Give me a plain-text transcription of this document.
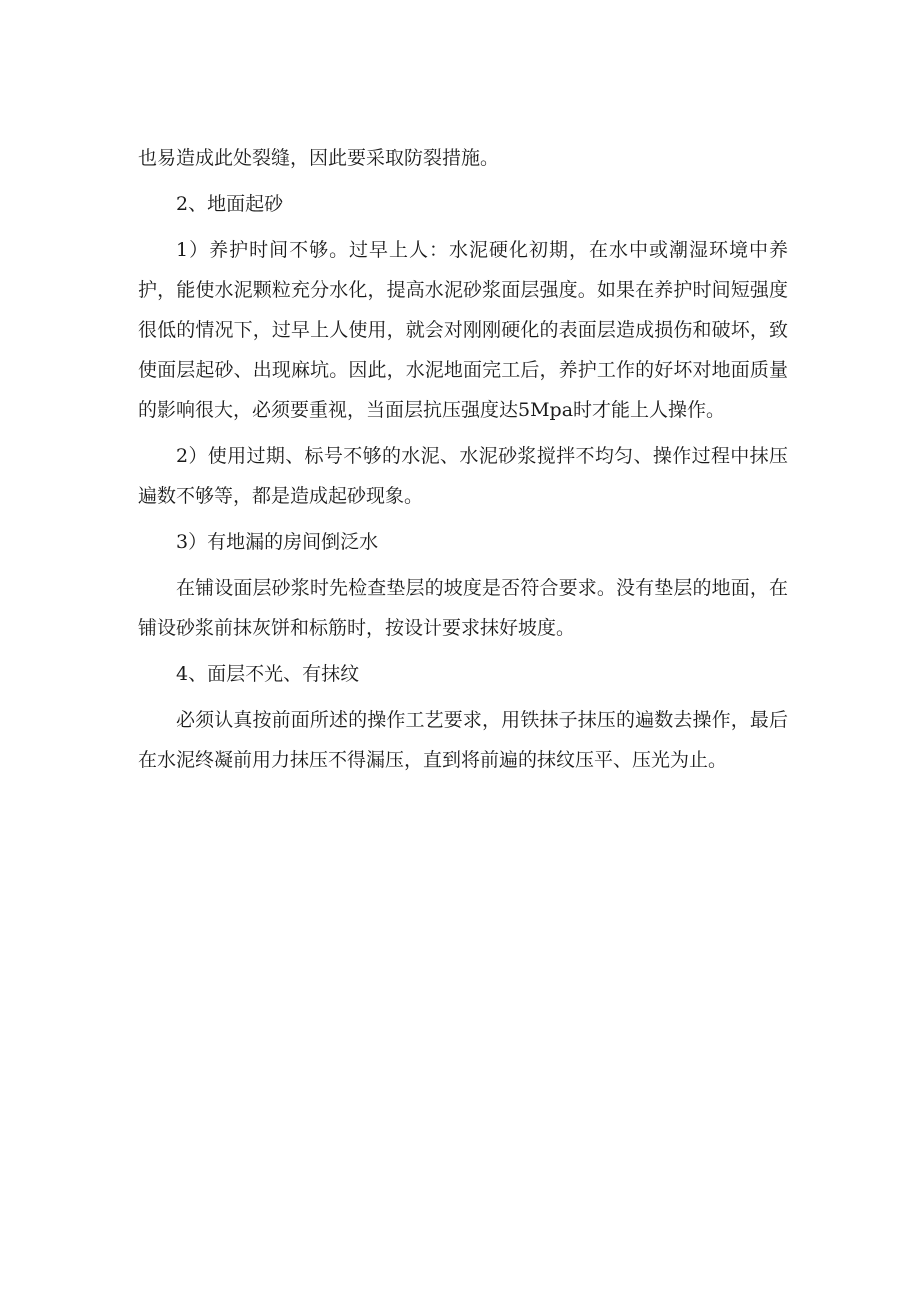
也易造成此处裂缝，因此要采取防裂措施。

2、地面起砂

1）养护时间不够。过早上人：水泥硬化初期，在水中或潮湿环境中养护，能使水泥颗粒充分水化，提高水泥砂浆面层强度。如果在养护时间短强度很低的情况下，过早上人使用，就会对刚刚硬化的表面层造成损伤和破坏，致使面层起砂、出现麻坑。因此，水泥地面完工后，养护工作的好坏对地面质量的影响很大，必须要重视，当面层抗压强度达5Mpa时才能上人操作。

2）使用过期、标号不够的水泥、水泥砂浆搅拌不均匀、操作过程中抹压遍数不够等，都是造成起砂现象。

3）有地漏的房间倒泛水

在铺设面层砂浆时先检查垫层的坡度是否符合要求。没有垫层的地面，在铺设砂浆前抹灰饼和标筋时，按设计要求抹好坡度。

4、面层不光、有抹纹

必须认真按前面所述的操作工艺要求，用铁抹子抹压的遍数去操作，最后在水泥终凝前用力抹压不得漏压，直到将前遍的抹纹压平、压光为止。
